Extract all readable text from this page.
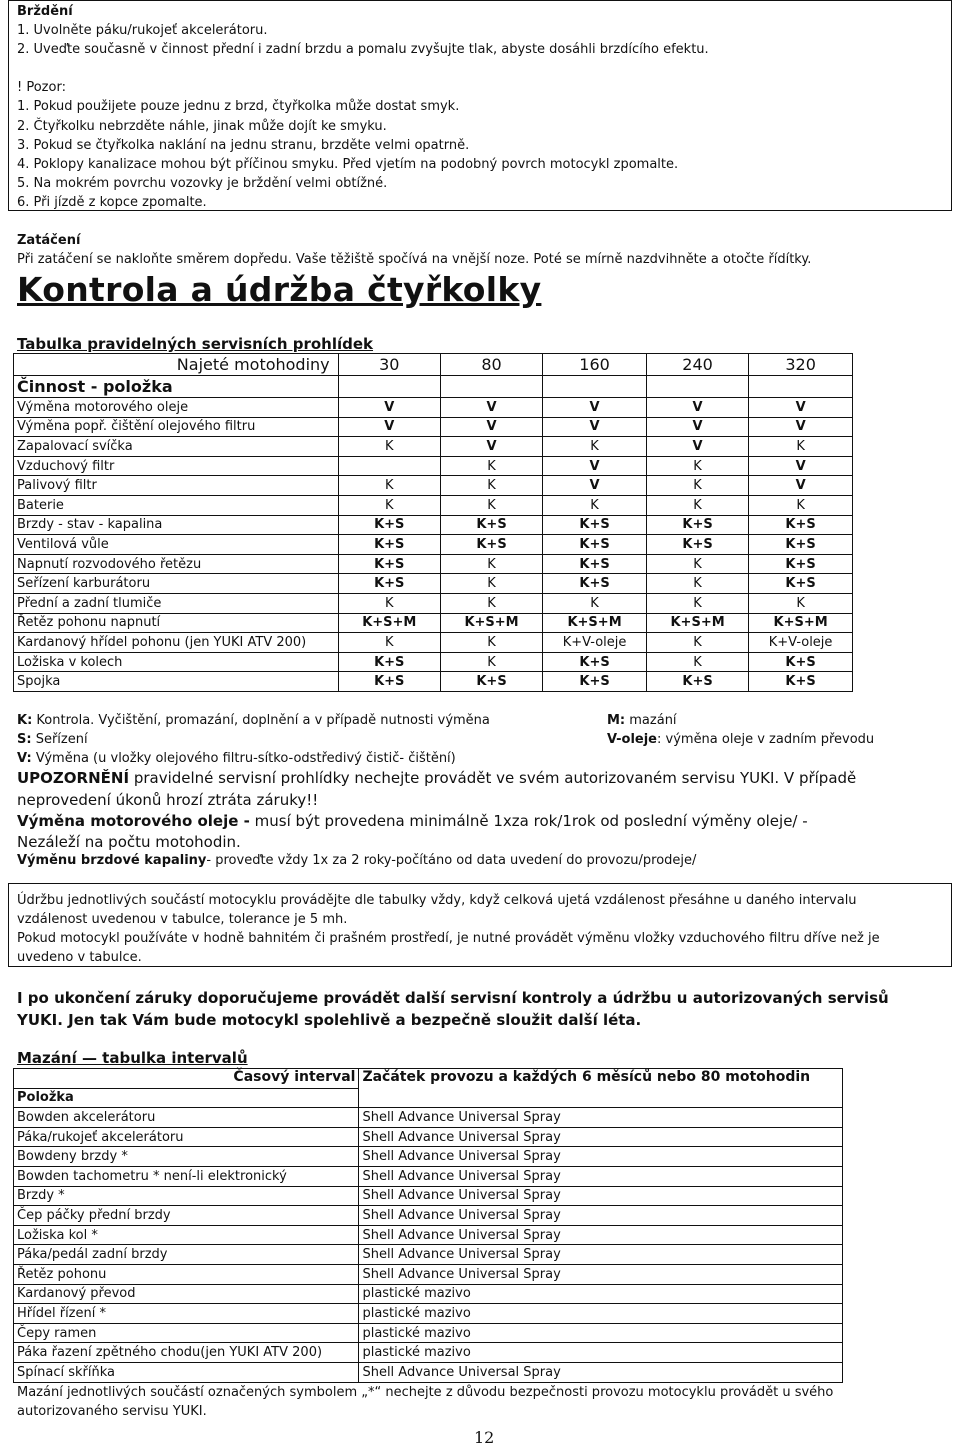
Brždění
1. Uvolněte páku/rukojeť akcelerátoru.
2. Uveďte současně v činnost přední i zadní brzdu a pomalu zvyšujte tlak, abyste dosáhli brzdícího efektu.
! Pozor:
1. Pokud použijete pouze jednu z brzd, čtyřkolka může dostat smyk.
2. Čtyřkolku nebrzděte náhle, jinak může dojít ke smyku.
3. Pokud se čtyřkolka naklání na jednu stranu, brzděte velmi opatrně.
4. Poklopy kanalizace mohou být příčinou smyku. Před vjetím na podobný povrch motocykl zpomalte.
5. Na mokrém povrchu vozovky je brždění velmi obtížné.
6. Při jízdě z kopce zpomalte.
Zatáčení
Při zatáčení se nakloňte směrem dopředu. Vaše těžiště spočívá na vnější noze. Poté se mírně nazdvihněte a otočte řídítky.
Kontrola a údržba čtyřkolky
Tabulka pravidelných servisních prohlídek
Najeté motohodiny	30	80	160	240	320
Činnost - položka					
Výměna motorového oleje	V	V	V	V	V
Výměna popř. čištění olejového filtru	V	V	V	V	V
Zapalovací svíčka	K	V	K	V	K
Vzduchový filtr		K	V	K	V
Palivový filtr	K	K	V	K	V
Baterie	K	K	K	K	K
Brzdy - stav - kapalina	K+S	K+S	K+S	K+S	K+S
Ventilová vůle	K+S	K+S	K+S	K+S	K+S
Napnutí rozvodového řetězu	K+S	K	K+S	K	K+S
Seřízení karburátoru	K+S	K	K+S	K	K+S
Přední a zadní tlumiče	K	K	K	K	K
Řetěz pohonu napnutí	K+S+M	K+S+M	K+S+M	K+S+M	K+S+M
Kardanový hřídel pohonu (jen YUKI ATV 200)	K	K	K+V-oleje	K	K+V-oleje
Ložiska v kolech	K+S	K	K+S	K	K+S
Spojka	K+S	K+S	K+S	K+S	K+S
K: Kontrola. Vyčištění, promazání, doplnění a v případě nutnosti výměna	M: mazání
S: Seřízení	V-oleje: výměna oleje v zadním převodu
V: Výměna (u vložky olejového filtru-sítko-odstředivý čistič- čištění)
UPOZORNĚNÍ pravidelné servisní prohlídky nechejte provádět ve svém autorizovaném servisu YUKI. V případě
neprovedení úkonů hrozí ztráta záruky!!
Výměna motorového oleje - musí být provedena minimálně 1xza rok/1rok od poslední výměny oleje/ -
Nezáleží na počtu motohodin.
Výměnu brzdové kapaliny- proveďte vždy 1x za 2 roky-počítáno od data uvedení do provozu/prodeje/
Údržbu jednotlivých součástí motocyklu provádějte dle tabulky vždy, když celková ujetá vzdálenost přesáhne u daného intervalu
vzdálenost uvedenou v tabulce, tolerance je 5 mh.
Pokud motocykl používáte v hodně bahnitém či prašném prostředí, je nutné provádět výměnu vložky vzduchového filtru dříve než je
uvedeno v tabulce.
I po ukončení záruky doporučujeme provádět další servisní kontroly a údržbu u autorizovaných servisů
YUKI. Jen tak Vám bude motocykl spolehlivě a bezpečně sloužit další léta.
Mazání — tabulka intervalů
Časový interval	Začátek provozu a každých 6 měsíců nebo 80 motohodin
Položka	
Bowden akcelerátoru	Shell Advance Universal Spray
Páka/rukojeť akcelerátoru	Shell Advance Universal Spray
Bowdeny brzdy *	Shell Advance Universal Spray
Bowden tachometru * není-li elektronický	Shell Advance Universal Spray
Brzdy *	Shell Advance Universal Spray
Čep páčky přední brzdy	Shell Advance Universal Spray
Ložiska kol *	Shell Advance Universal Spray
Páka/pedál zadní brzdy	Shell Advance Universal Spray
Řetěz pohonu	Shell Advance Universal Spray
Kardanový převod	plastické mazivo
Hřídel řízení *	plastické mazivo
Čepy ramen	plastické mazivo
Páka řazení zpětného chodu(jen YUKI ATV 200)	plastické mazivo
Spínací skříňka	Shell Advance Universal Spray
Mazání jednotlivých součástí označených symbolem „*“ nechejte z důvodu bezpečnosti provozu motocyklu provádět u svého
autorizovaného servisu YUKI.
12
